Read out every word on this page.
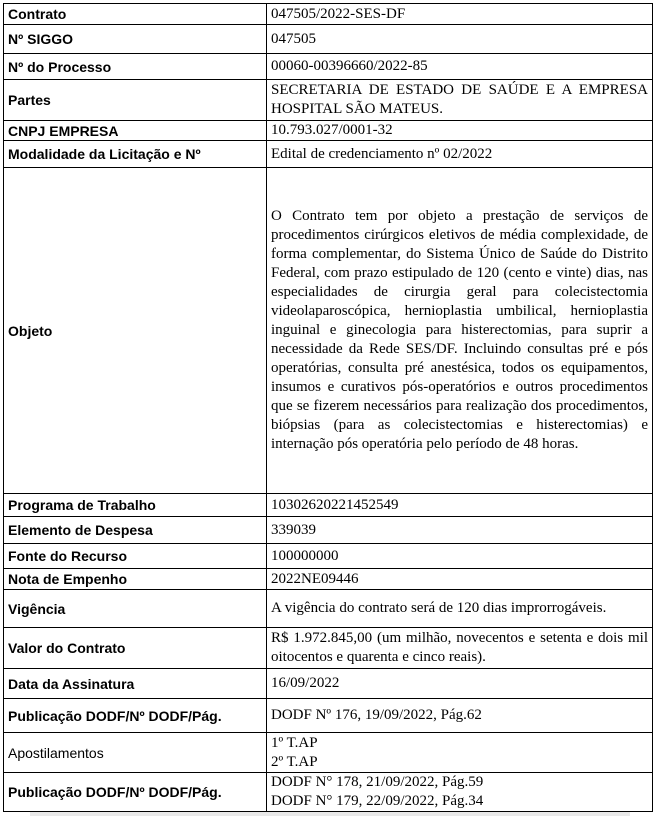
Contrato	047505/2022-SES-DF
Nº SIGGO	047505
Nº do Processo	00060-00396660/2022-85
Partes	SECRETARIA DE ESTADO DE SAÚDE E A EMPRESA HOSPITAL SÃO MATEUS.
CNPJ EMPRESA	10.793.027/0001-32
Modalidade da Licitação e Nº	Edital de credenciamento nº 02/2022
Objeto	O Contrato tem por objeto a prestação de serviços de procedimentos cirúrgicos eletivos de média complexidade, de forma complementar, do Sistema Único de Saúde do Distrito Federal, com prazo estipulado de 120 (cento e vinte) dias, nas especialidades de cirurgia geral para colecistectomia videolaparoscópica, hernioplastia umbilical, hernioplastia inguinal e ginecologia para histerectomias, para suprir a necessidade da Rede SES/DF. Incluindo consultas pré e pós operatórias, consulta pré anestésica, todos os equipamentos, insumos e curativos pós-operatórios e outros procedimentos que se fizerem necessários para realização dos procedimentos, biópsias (para as colecistectomias e histerectomias) e internação pós operatória pelo período de 48 horas.
Programa de Trabalho	10302620221452549
Elemento de Despesa	339039
Fonte do Recurso	100000000
Nota de Empenho	2022NE09446
Vigência	A vigência do contrato será de 120 dias improrrogáveis.
Valor do Contrato	R$ 1.972.845,00 (um milhão, novecentos e setenta e dois mil oitocentos e quarenta e cinco reais).
Data da Assinatura	16/09/2022
Publicação DODF/Nº DODF/Pág.	DODF Nº 176, 19/09/2022, Pág.62
Apostilamentos	1º T.AP
2º T.AP

Publicação DODF/Nº DODF/Pág.	DODF N° 178, 21/09/2022, Pág.59
DODF N° 179, 22/09/2022, Pág.34
